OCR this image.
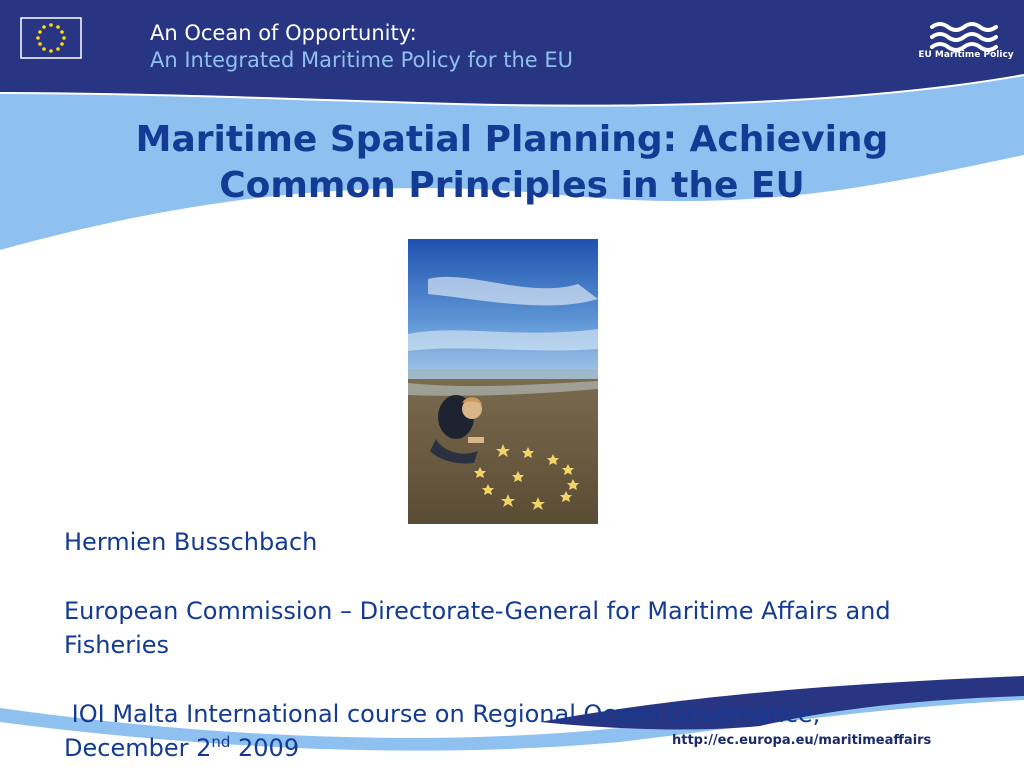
An Ocean of Opportunity:
An Integrated Maritime Policy for the EU	EU Maritime Policy
Maritime Spatial Planning: Achieving Common Principles in the EU
Hermien Busschbach
European Commission – Directorate-General for Maritime Affairs and Fisheries
IOI Malta International course on Regional Ocean Governance, December 2nd 2009
1
http://ec.europa.eu/maritimeaffairs
